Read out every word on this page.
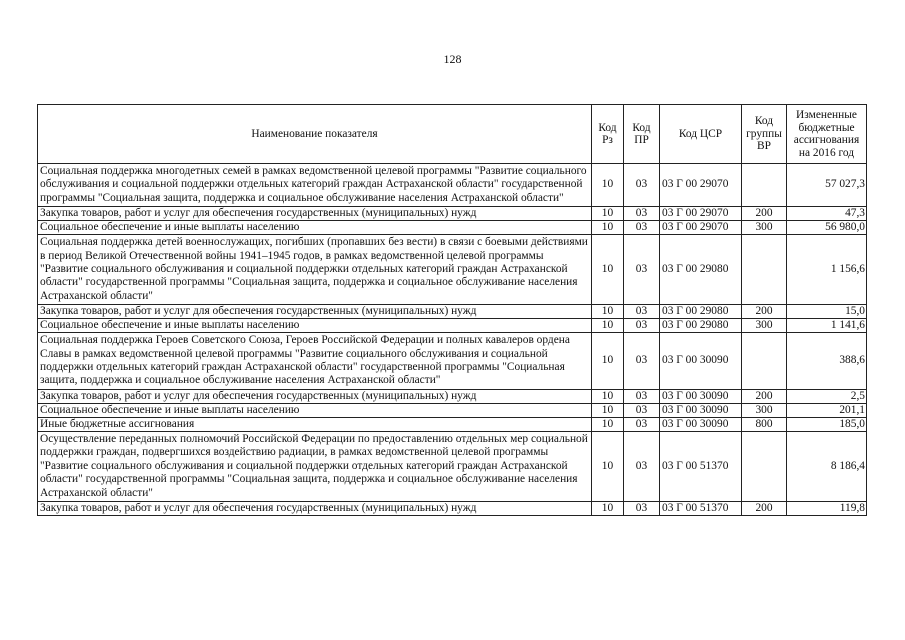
128
Наименование показателя	Код Рз	Код ПР	Код ЦСР	Код группы ВР	Измененные бюджетные ассигнования на 2016 год
Социальная поддержка многодетных семей в рамках ведомственной целевой программы "Развитие социального обслуживания и социальной поддержки отдельных категорий граждан Астраханской области" государственной программы "Социальная защита, поддержка и социальное обслуживание населения Астраханской области"	10	03	03 Г 00 29070		57 027,3
Закупка товаров, работ и услуг для обеспечения государственных (муниципальных) нужд	10	03	03 Г 00 29070	200	47,3
Социальное обеспечение и иные выплаты населению	10	03	03 Г 00 29070	300	56 980,0
Социальная поддержка детей военнослужащих, погибших (пропавших без вести) в связи с боевыми действиями в период Великой Отечественной войны 1941–1945 годов, в рамках ведомственной целевой программы "Развитие социального обслуживания и социальной поддержки отдельных категорий граждан Астраханской области" государственной программы "Социальная защита, поддержка и социальное обслуживание населения Астраханской области"	10	03	03 Г 00 29080		1 156,6
Закупка товаров, работ и услуг для обеспечения государственных (муниципальных) нужд	10	03	03 Г 00 29080	200	15,0
Социальное обеспечение и иные выплаты населению	10	03	03 Г 00 29080	300	1 141,6
Социальная поддержка Героев Советского Союза, Героев Российской Федерации и полных кавалеров ордена Славы в рамках ведомственной целевой программы "Развитие социального обслуживания и социальной поддержки отдельных категорий граждан Астраханской области" государственной программы "Социальная защита, поддержка и социальное обслуживание населения Астраханской области"	10	03	03 Г 00 30090		388,6
Закупка товаров, работ и услуг для обеспечения государственных (муниципальных) нужд	10	03	03 Г 00 30090	200	2,5
Социальное обеспечение и иные выплаты населению	10	03	03 Г 00 30090	300	201,1
Иные бюджетные ассигнования	10	03	03 Г 00 30090	800	185,0
Осуществление переданных полномочий Российской Федерации по предоставлению отдельных мер социальной поддержки граждан, подвергшихся воздействию радиации, в рамках ведомственной целевой программы "Развитие социального обслуживания и социальной поддержки отдельных категорий граждан Астраханской области" государственной программы "Социальная защита, поддержка и социальное обслуживание населения Астраханской области"	10	03	03 Г 00 51370		8 186,4
Закупка товаров, работ и услуг для обеспечения государственных (муниципальных) нужд	10	03	03 Г 00 51370	200	119,8
